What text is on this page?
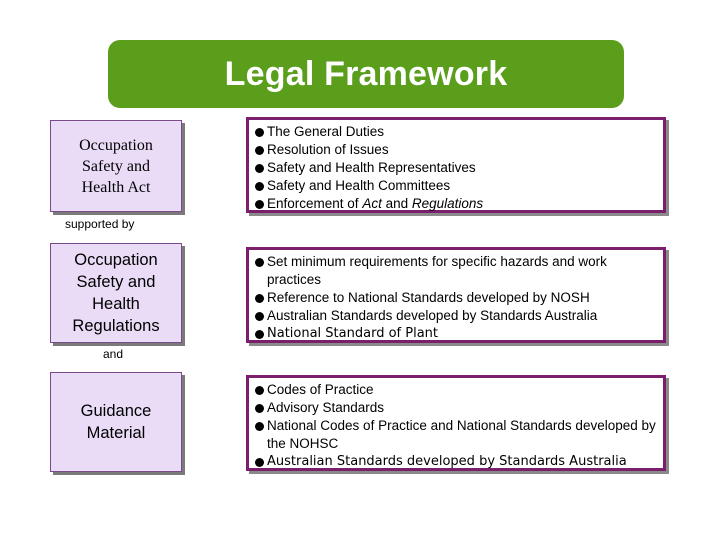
Legal Framework
Occupation
Safety and
Health Act
The General Duties
Resolution of Issues
Safety and Health Representatives
Safety and Health Committees
Enforcement of Act and Regulations
supported by
Occupation
Safety and
Health
Regulations
Set minimum requirements for specific hazards and work practices
Reference to National Standards developed by NOSH
Australian Standards developed by Standards Australia
National Standard of Plant
and
Guidance
Material
Codes of Practice
Advisory Standards
National Codes of Practice and National Standards developed by the NOHSC
Australian Standards developed by Standards Australia
